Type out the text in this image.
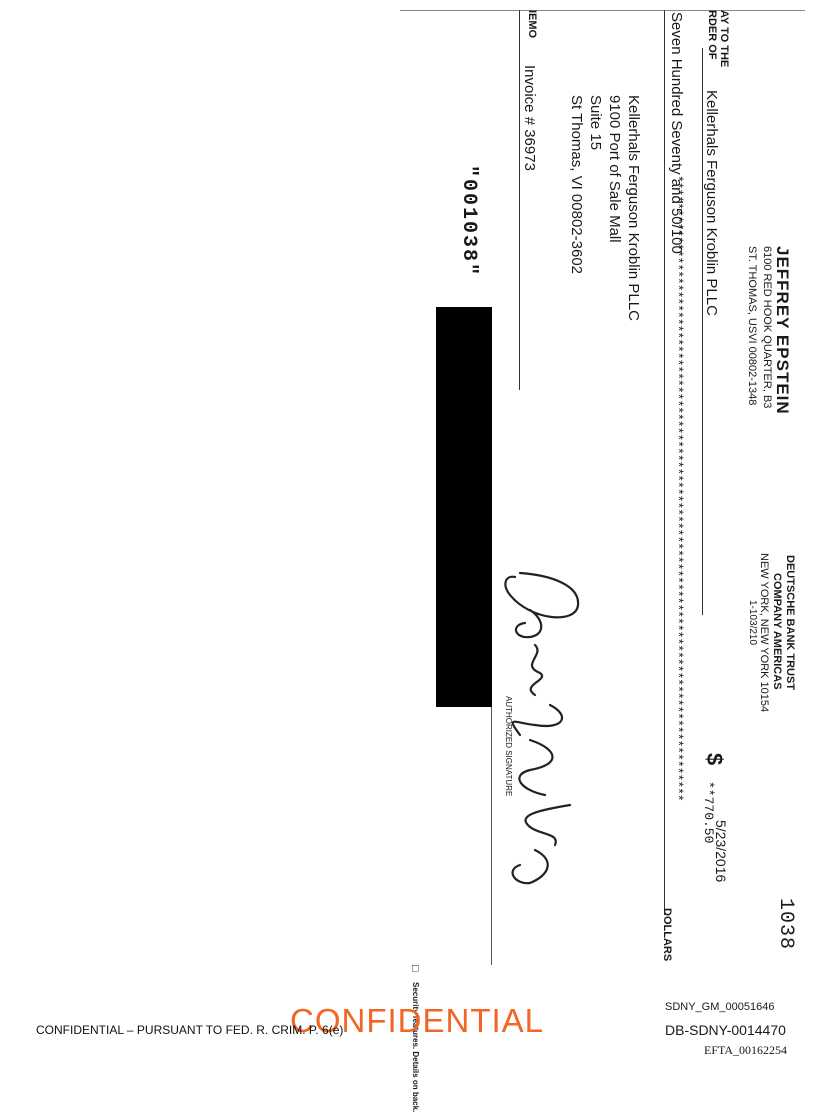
1038
JEFFREY EPSTEIN
6100 RED HOOK QUARTER, B3
ST. THOMAS, USVI 00802-1348
DEUTSCHE BANK TRUST
COMPANY AMERICAS
NEW YORK, NEW YORK 10154
1-103/210
5/23/2016
AY TO THE
RDER OF
Kellerhals Ferguson Kroblin PLLC
$
**770.50
Seven Hundred Seventy and 50/100
********************************************************************************************
DOLLARS
Kellerhals Ferguson Kroblin PLLC
9100 Port of Sale Mall
Suite 15
St Thomas, VI 00802-3602
IEMO
Invoice # 36973
AUTHORIZED SIGNATURE
"001038"
□
Security features. Details on back.
CONFIDENTIAL
CONFIDENTIAL – PURSUANT TO FED. R. CRIM. P. 6(e)
SDNY_GM_00051646
DB-SDNY-0014470
EFTA_00162254
